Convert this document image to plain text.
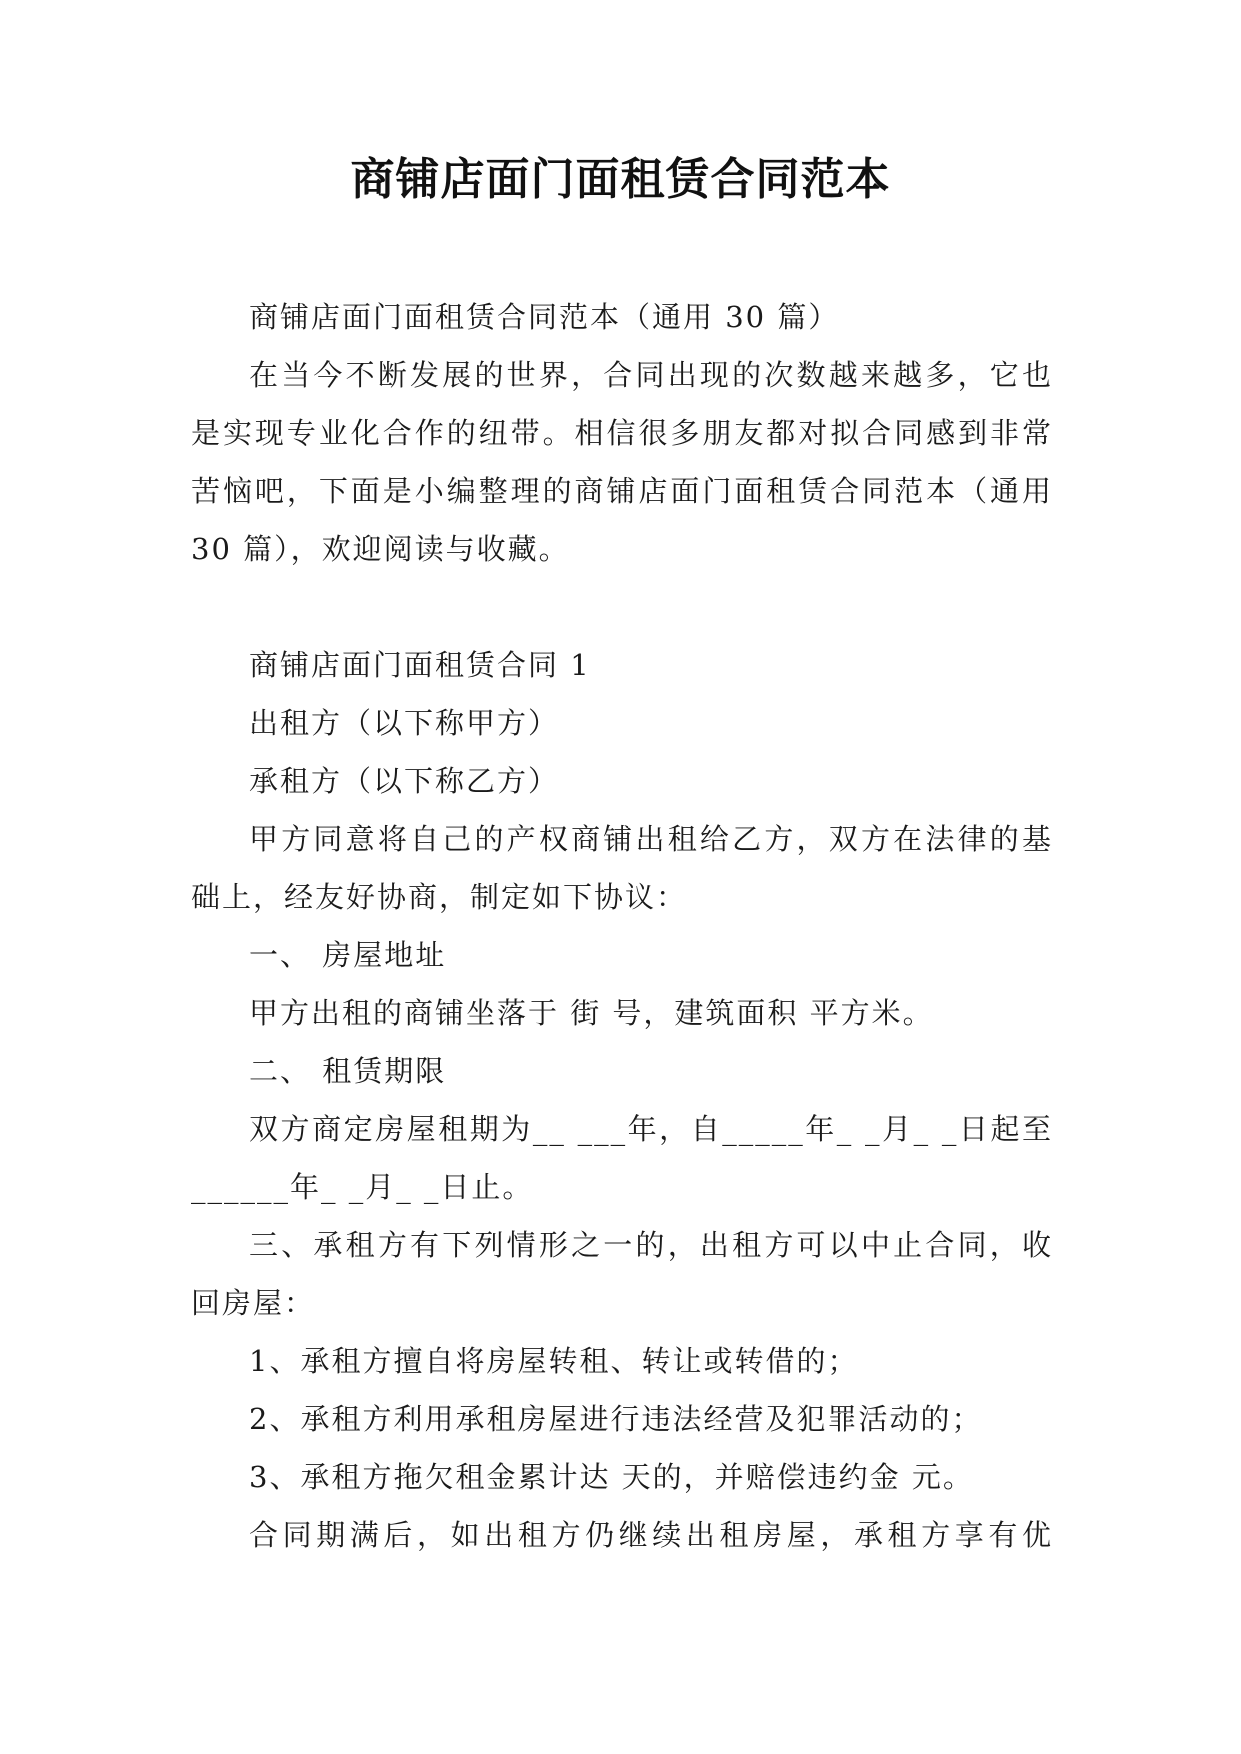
商铺店面门面租赁合同范本

商铺店面门面租赁合同范本（通用 30 篇）

在当今不断发展的世界，合同出现的次数越来越多，它也是实现专业化合作的纽带。相信很多朋友都对拟合同感到非常苦恼吧，下面是小编整理的商铺店面门面租赁合同范本（通用 30 篇），欢迎阅读与收藏。

商铺店面门面租赁合同 1

出租方（以下称甲方）

承租方（以下称乙方）

甲方同意将自己的产权商铺出租给乙方，双方在法律的基础上，经友好协商，制定如下协议：

一、 房屋地址

甲方出租的商铺坐落于 街 号，建筑面积 平方米。

二、 租赁期限

双方商定房屋租期为__ ___年，自_____年_ _月_ _日起至______年_ _月_ _日止。

三、承租方有下列情形之一的，出租方可以中止合同，收回房屋：

1、承租方擅自将房屋转租、转让或转借的；

2、承租方利用承租房屋进行违法经营及犯罪活动的；

3、承租方拖欠租金累计达 天的，并赔偿违约金 元。

合同期满后，如出租方仍继续出租房屋，承租方享有优
